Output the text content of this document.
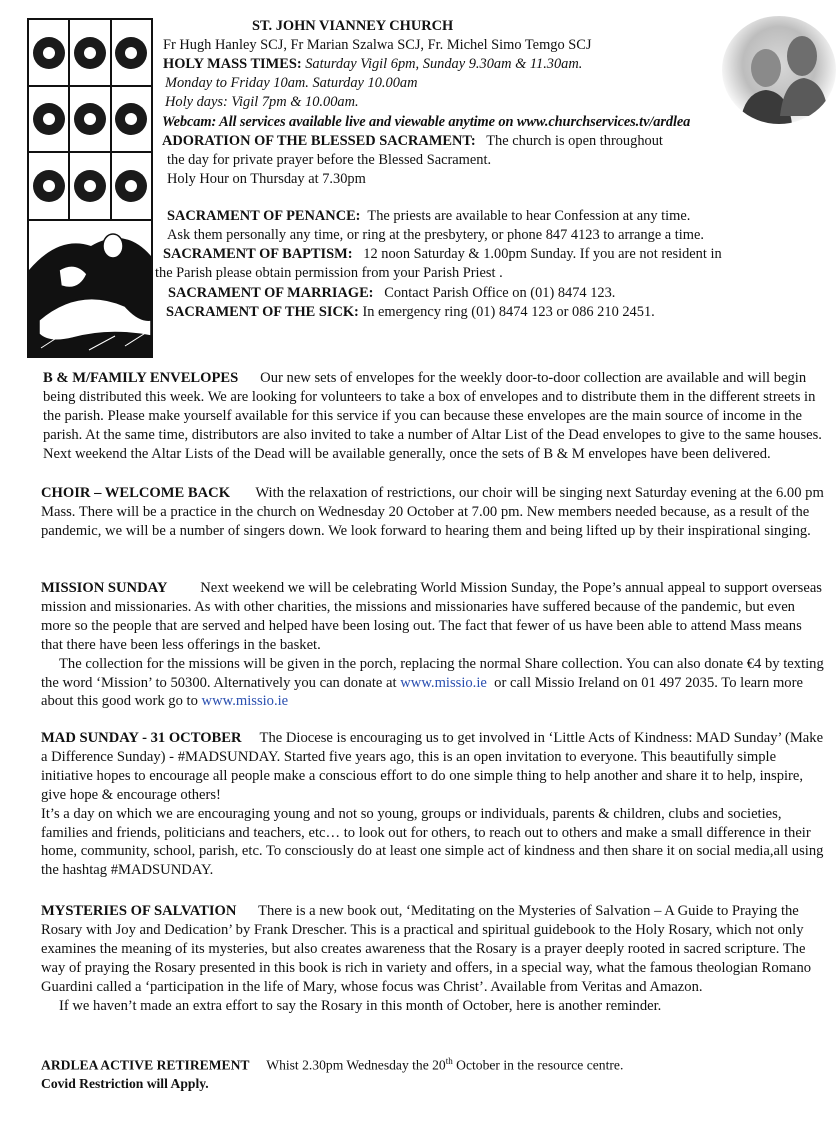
ST. JOHN VIANNEY CHURCH
Fr Hugh Hanley SCJ, Fr Marian Szalwa SCJ, Fr. Michel Simo Temgo SCJ
HOLY MASS TIMES: Saturday Vigil 6pm, Sunday 9.30am & 11.30am.
Monday to Friday 10am. Saturday 10.00am
Holy days: Vigil 7pm & 10.00am.
Webcam: All services available live and viewable anytime on www.churchservices.tv/ardlea
ADORATION OF THE BLESSED SACRAMENT: The church is open throughout
the day for private prayer before the Blessed Sacrament.
Holy Hour on Thursday at 7.30pm
SACRAMENT OF PENANCE: The priests are available to hear Confession at any time.
Ask them personally any time, or ring at the presbytery, or phone 847 4123 to arrange a time.
SACRAMENT OF BAPTISM: 12 noon Saturday & 1.00pm Sunday. If you are not resident in
the Parish please obtain permission from your Parish Priest .
SACRAMENT OF MARRIAGE: Contact Parish Office on (01) 8474 123.
SACRAMENT OF THE SICK: In emergency ring (01) 8474 123 or 086 210 2451.

B & M/FAMILY ENVELOPES Our new sets of envelopes for the weekly door-to-door collection are available and will begin being distributed this week. We are looking for volunteers to take a box of envelopes and to distribute them in the different streets in the parish. Please make yourself available for this service if you can because these envelopes are the main source of income in the parish. At the same time, distributors are also invited to take a number of Altar List of the Dead envelopes to give to the same houses. Next weekend the Altar Lists of the Dead will be available generally, once the sets of B & M envelopes have been delivered.

CHOIR – WELCOME BACK With the relaxation of restrictions, our choir will be singing next Saturday evening at the 6.00 pm Mass. There will be a practice in the church on Wednesday 20 October at 7.00 pm. New members needed because, as a result of the pandemic, we will be a number of singers down. We look forward to hearing them and being lifted up by their inspirational singing.

MISSION SUNDAY Next weekend we will be celebrating World Mission Sunday, the Pope’s annual appeal to support overseas mission and missionaries. As with other charities, the missions and missionaries have suffered because of the pandemic, but even more so the people that are served and helped have been losing out. The fact that fewer of us have been able to attend Mass means that there have been less offerings in the basket.

The collection for the missions will be given in the porch, replacing the normal Share collection. You can also donate €4 by texting the word ‘Mission’ to 50300. Alternatively you can donate at www.missio.ie or call Missio Ireland on 01 497 2035. To learn more about this good work go to www.missio.ie

MAD SUNDAY - 31 OCTOBER The Diocese is encouraging us to get involved in ‘Little Acts of Kindness: MAD Sunday’ (Make a Difference Sunday) - #MADSUNDAY. Started five years ago, this is an open invitation to everyone. This beautifully simple initiative hopes to encourage all people make a conscious effort to do one simple thing to help another and share it to help, inspire, give hope & encourage others!

It’s a day on which we are encouraging young and not so young, groups or individuals, parents & children, clubs and societies, families and friends, politicians and teachers, etc… to look out for others, to reach out to others and make a small difference in their home, community, school, parish, etc. To consciously do at least one simple act of kindness and then share it on social media,all using the hashtag #MADSUNDAY.

MYSTERIES OF SALVATION There is a new book out, ‘Meditating on the Mysteries of Salvation – A Guide to Praying the Rosary with Joy and Dedication’ by Frank Drescher. This is a practical and spiritual guidebook to the Holy Rosary, which not only examines the meaning of its mysteries, but also creates awareness that the Rosary is a prayer deeply rooted in sacred scripture. The way of praying the Rosary presented in this book is rich in variety and offers, in a special way, what the famous theologian Romano Guardini called a ‘participation in the life of Mary, whose focus was Christ’. Available from Veritas and Amazon.

If we haven’t made an extra effort to say the Rosary in this month of October, here is another reminder.

ARDLEA ACTIVE RETIREMENT Whist 2.30pm Wednesday the 20th October in the resource centre.

Covid Restriction will Apply.
